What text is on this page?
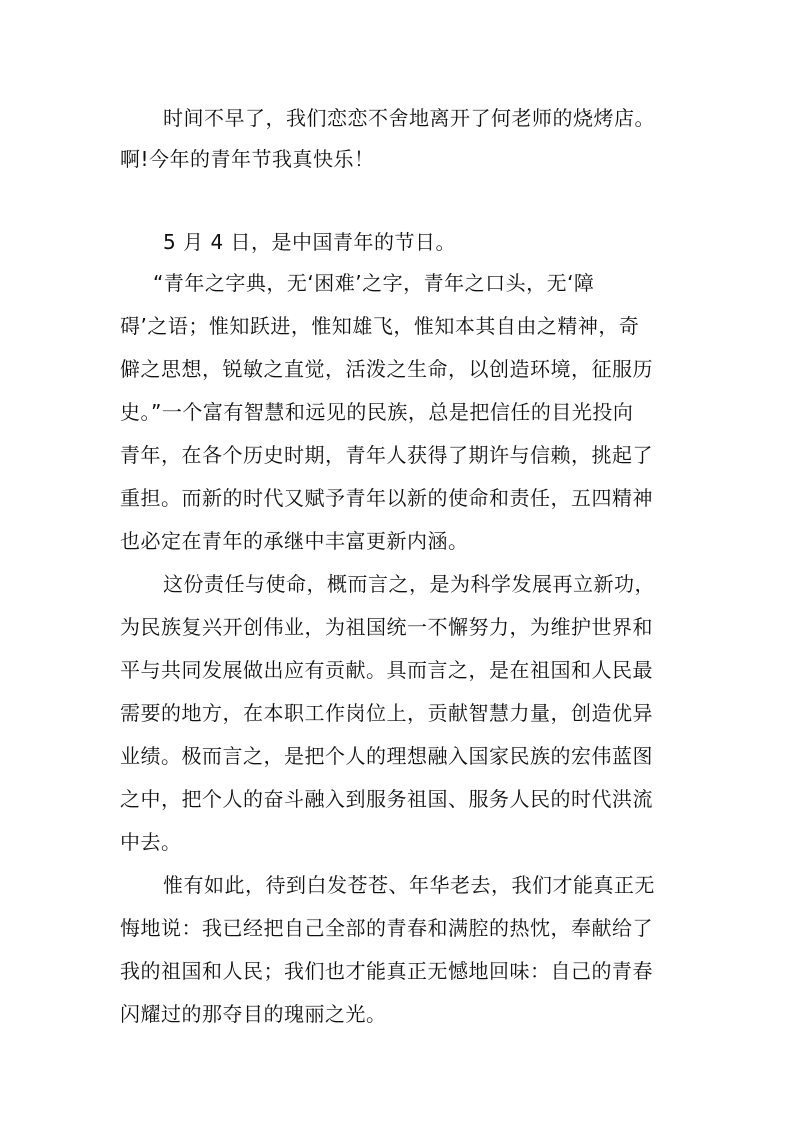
时间不早了，我们恋恋不舍地离开了何老师的烧烤店。
啊!今年的青年节我真快乐！
5 月 4 日，是中国青年的节日。
“青年之字典，无‘困难’之字，青年之口头，无‘障
碍’之语；惟知跃进，惟知雄飞，惟知本其自由之精神，奇
僻之思想，锐敏之直觉，活泼之生命，以创造环境，征服历
史。”一个富有智慧和远见的民族，总是把信任的目光投向
青年，在各个历史时期，青年人获得了期许与信赖，挑起了
重担。而新的时代又赋予青年以新的使命和责任，五四精神
也必定在青年的承继中丰富更新内涵。
这份责任与使命，概而言之，是为科学发展再立新功，
为民族复兴开创伟业，为祖国统一不懈努力，为维护世界和
平与共同发展做出应有贡献。具而言之，是在祖国和人民最
需要的地方，在本职工作岗位上，贡献智慧力量，创造优异
业绩。极而言之，是把个人的理想融入国家民族的宏伟蓝图
之中，把个人的奋斗融入到服务祖国、服务人民的时代洪流
中去。
惟有如此，待到白发苍苍、年华老去，我们才能真正无
悔地说：我已经把自己全部的青春和满腔的热忱，奉献给了
我的祖国和人民；我们也才能真正无憾地回味：自己的青春
闪耀过的那夺目的瑰丽之光。
